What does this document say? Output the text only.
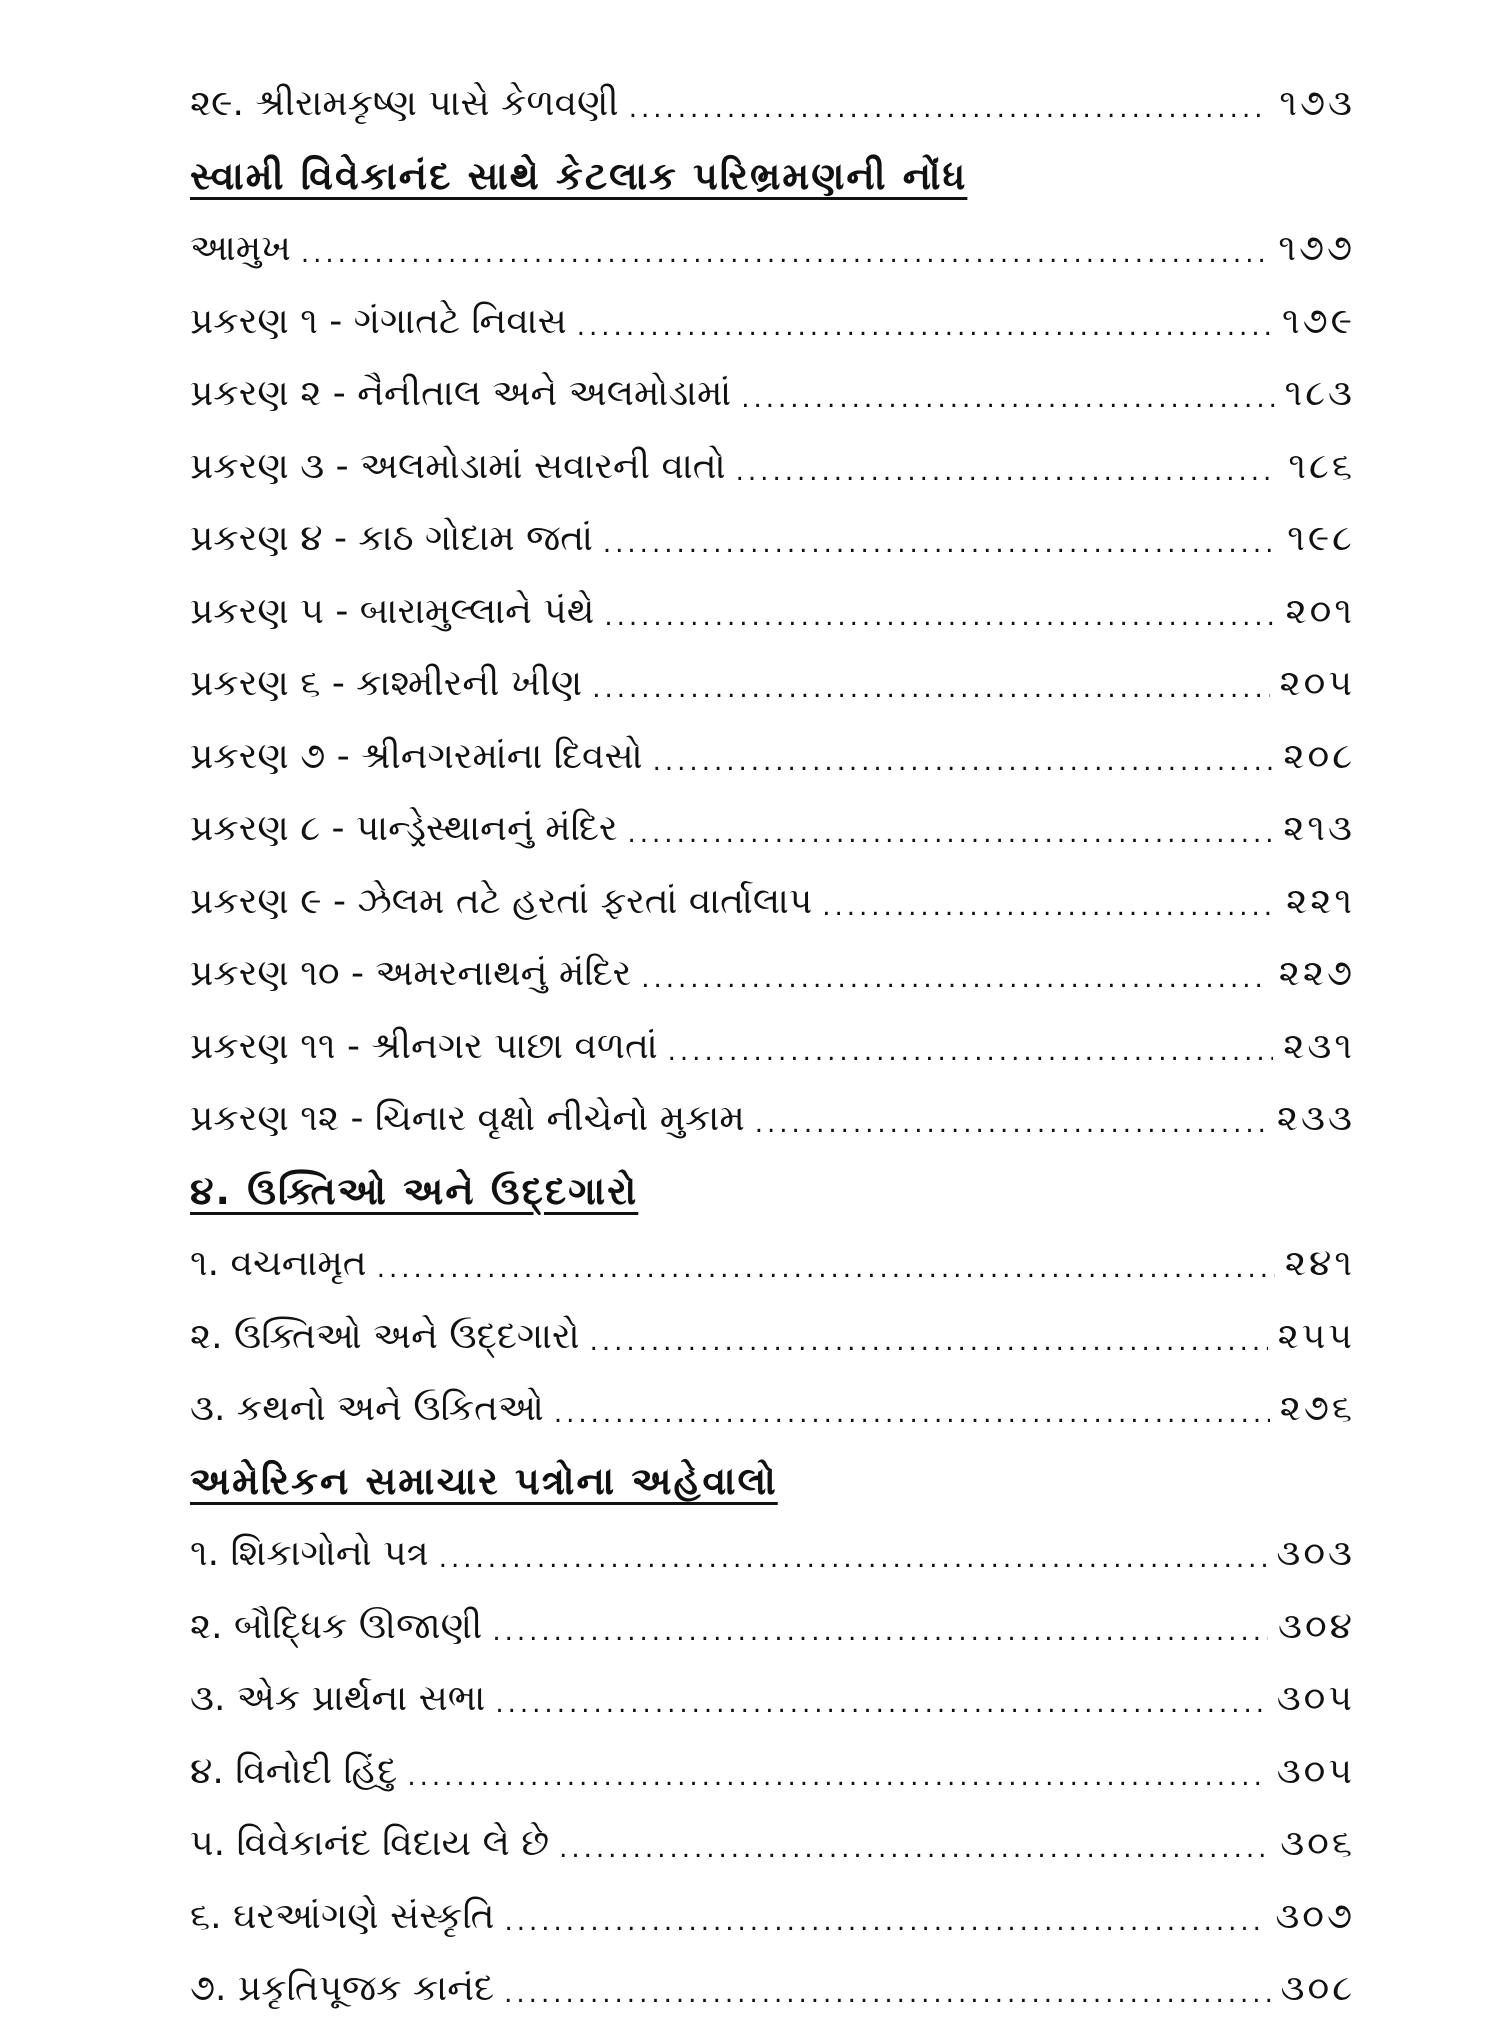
૨૯. શ્રીરામકૃષ્ણ પાસે કેળવણી .....	૧૭૩
સ્વામી વિવેકાનંદ સાથે કેટલાક પરિભ્રમણની નોંધ
આમુખ .....	૧૭૭
પ્રકરણ ૧ - ગંગાતટે નિવાસ .....	૧૭૯
પ્રકરણ ૨ - નૈનીતાલ અને અલમોડામાં .....	૧૮૩
પ્રકરણ ૩ - અલમોડામાં સવારની વાતો .....	૧૮૬
પ્રકરણ ૪ - કાઠ ગોદામ જતાં .....	૧૯૮
પ્રકરણ ૫ - બારામુલ્લાને પંથે .....	૨૦૧
પ્રકરણ ૬ - કાશ્મીરની ખીણ .....	૨૦૫
પ્રકરણ ૭ - શ્રીનગરમાંના દિવસો .....	૨૦૮
પ્રકરણ ૮ - પાન્ડ્રેસ્થાનનું મંદિર .....	૨૧૩
પ્રકરણ ૯ - ઝેલમ તટે હરતાં ફરતાં વાર્તાલાપ .....	૨૨૧
પ્રકરણ ૧૦ - અમરનાથનું મંદિર .....	૨૨૭
પ્રકરણ ૧૧ - શ્રીનગર પાછા વળતાં .....	૨૩૧
પ્રકરણ ૧૨ - ચિનાર વૃક્ષો નીચેનો મુકામ .....	૨૩૩
૪. ઉક્તિઓ અને ઉદ્દગારો
૧. વચનામૃત .....	૨૪૧
૨. ઉક્તિઓ અને ઉદ્દગારો .....	૨૫૫
૩. કથનો અને ઉકિતઓ .....	૨૭૬
અમેરિકન સમાચાર પત્રોના અહેવાલો
૧. શિકાગોનો પત્ર .....	૩૦૩
૨. બૌદ્ધિક ઊજાણી .....	૩૦૪
૩. એક પ્રાર્થના સભા .....	૩૦૫
૪. વિનોદી હિંદુ .....	૩૦૫
૫. વિવેકાનંદ વિદાય લે છે .....	૩૦૬
૬. ઘરઆંગણે સંસ્કૃતિ .....	૩૦૭
૭. પ્રકૃતિપૂજક કાનંદ .....	૩૦૮
